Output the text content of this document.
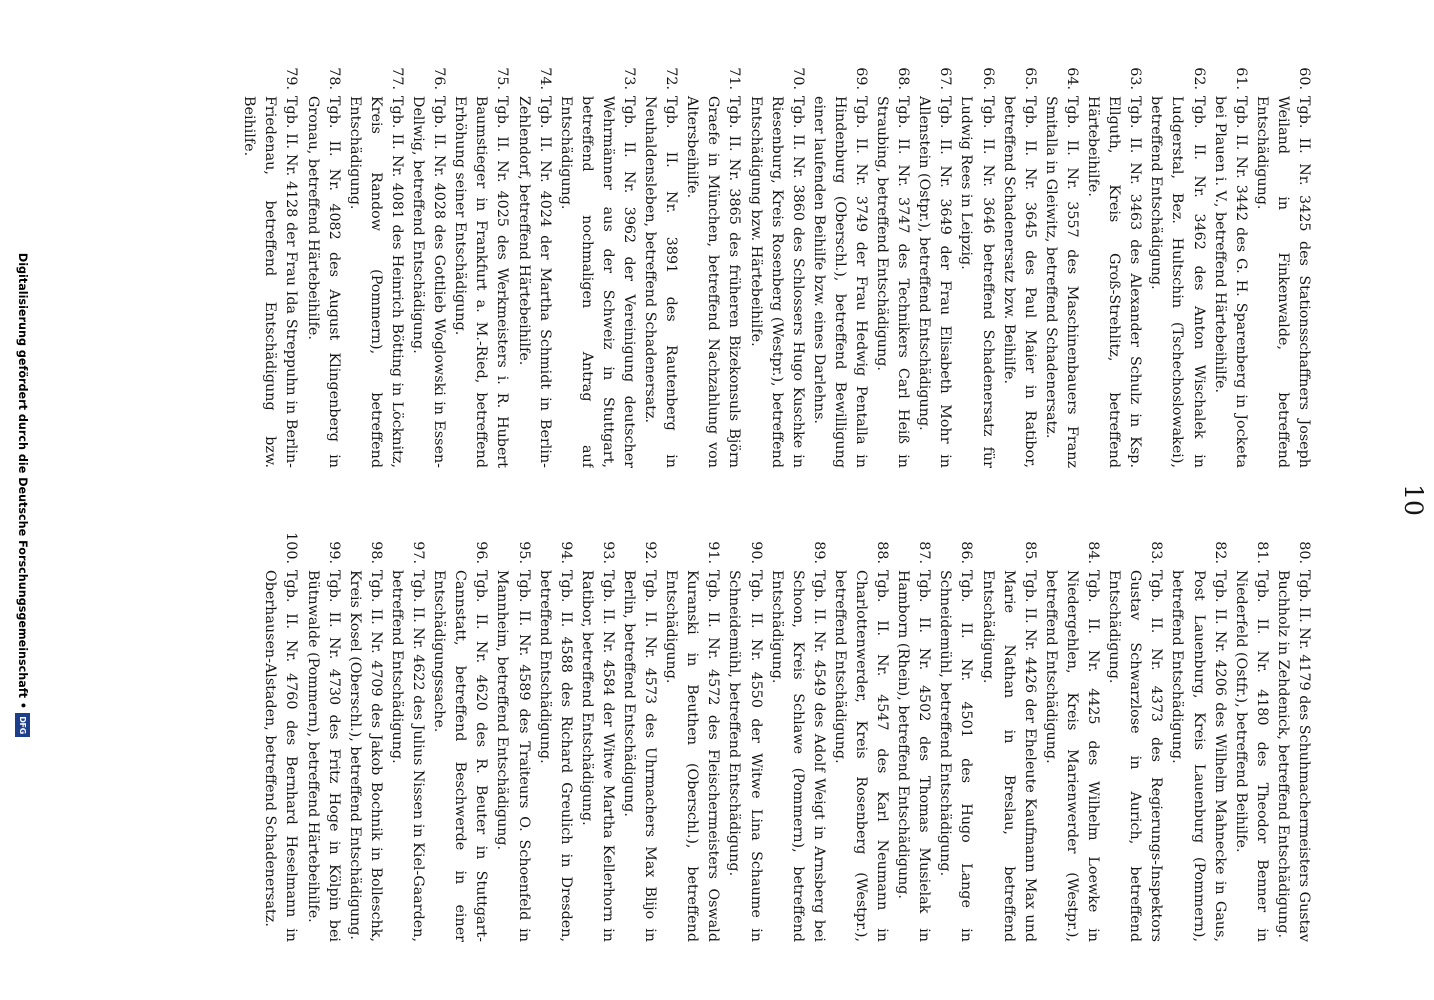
10
60.
Tgb. II. Nr. 3425 des Stationsschaffners Joseph Weiland in Finkenwalde, betreffend Entschädigung.
61.
Tgb. II. Nr. 3442 des G. H. Sparenberg in Jocketa bei Plauen i. V., betreffend Härtebeihilfe.
62.
Tgb. II. Nr. 3462 des Anton Wischalek in Ludgerstal, Bez. Hultschin (Tschechoslowakei), betreffend Entschädigung.
63.
Tgb. II. Nr. 3463 des Alexander Schulz in Ksp. Ellguth, Kreis Groß-Strehlitz, betreffend Härtebeihilfe.
64.
Tgb. II. Nr. 3557 des Maschinenbauers Franz Smitalla in Gleiwitz, betreffend Schadenersatz.
65.
Tgb. II. Nr. 3645 des Paul Maier in Ratibor, betreffend Schadenersatz bzw. Beihilfe.
66.
Tgb. II. Nr. 3646 betreffend Schadenersatz für Ludwig Rees in Leipzig.
67.
Tgb. II. Nr. 3649 der Frau Elisabeth Mohr in Allenstein (Ostpr.), betreffend Entschädigung.
68.
Tgb. II. Nr. 3747 des Technikers Carl Heiß in Straubing, betreffend Entschädigung.
69.
Tgb. II. Nr. 3749 der Frau Hedwig Pentalla in Hindenburg (Oberschl.), betreffend Bewilligung einer laufenden Beihilfe bzw. eines Darlehns.
70.
Tgb. II. Nr. 3860 des Schlossers Hugo Kuschke in Riesenburg, Kreis Rosenberg (Westpr.), betreffend Entschädigung bzw. Härtebeihilfe.
71.
Tgb. II. Nr. 3865 des früheren Bizekonsuls Björn Graefe in München, betreffend Nachzahlung von Altersbeihilfe.
72.
Tgb. II. Nr. 3891 des Rautenberg in Neuhaldensleben, betreffend Schadenersatz.
73.
Tgb. II. Nr. 3962 der Vereinigung deutscher Wehrmänner aus der Schweiz in Stuttgart, betreffend nochmaligen Antrag auf Entschädigung.
74.
Tgb. II. Nr. 4024 der Martha Schmidt in Berlin-Zehlendorf, betreffend Härtebeihilfe.
75.
Tgb. II. Nr. 4025 des Werkmeisters i. R. Hubert Baumstieger in Frankfurt a. M.-Ried, betreffend Erhöhung seiner Entschädigung.
76.
Tgb. II. Nr. 4028 des Gottlieb Woglowski in Essen-Dellwig, betreffend Entschädigung.
77.
Tgb. II. Nr. 4081 des Heinrich Bötting in Löcknitz, Kreis Randow (Pommern), betreffend Entschädigung.
78.
Tgb. II. Nr. 4082 des August Klingenberg in Gronau, betreffend Härtebeihilfe.
79.
Tgb. II. Nr. 4128 der Frau Ida Streppuhn in Berlin-Friedenau, betreffend Entschädigung bzw. Beihilfe.
80.
Tgb. II. Nr. 4179 des Schuhmachermeisters Gustav Buchholz in Zehdenick, betreffend Entschädigung.
81.
Tgb. II. Nr. 4180 des Theodor Benner in Niederfeld (Ostfr.), betreffend Beihilfe.
82.
Tgb. II. Nr. 4206 des Wilhelm Mahnecke in Gaus, Post Lauenburg, Kreis Lauenburg (Pommern), betreffend Entschädigung.
83.
Tgb. II. Nr. 4373 des Regierungs-Inspektors Gustav Schwarzlose in Aurich, betreffend Entschädigung.
84.
Tgb. II. Nr. 4425 des Wilhelm Loewke in Niedergehlen, Kreis Marienwerder (Westpr.), betreffend Entschädigung.
85.
Tgb. II. Nr. 4426 der Eheleute Kaufmann Max und Marie Nathan in Breslau, betreffend Entschädigung.
86.
Tgb. II. Nr. 4501 des Hugo Lange in Schneidemühl, betreffend Entschädigung.
87.
Tgb. II. Nr. 4502 des Thomas Musielak in Hamborn (Rhein), betreffend Entschädigung.
88.
Tgb. II. Nr. 4547 des Karl Neumann in Charlottenwerder, Kreis Rosenberg (Westpr.), betreffend Entschädigung.
89.
Tgb. II. Nr. 4549 des Adolf Weigt in Arnsberg bei Schoon, Kreis Schlawe (Pommern), betreffend Entschädigung.
90.
Tgb. II. Nr. 4550 der Witwe Lina Schaume in Schneidemühl, betreffend Entschädigung.
91.
Tgb. II. Nr. 4572 des Fleischermeisters Oswald Kuranski in Beuthen (Oberschl.), betreffend Entschädigung.
92.
Tgb. II. Nr. 4573 des Uhrmachers Max Blijo in Berlin, betreffend Entschädigung.
93.
Tgb. II. Nr. 4584 der Witwe Martha Kellerhorn in Ratibor, betreffend Entschädigung.
94.
Tgb. II. 4588 des Richard Greulich in Dresden, betreffend Entschädigung.
95.
Tgb. II. Nr. 4589 des Traiteurs O. Schoenfeld in Mannheim, betreffend Entschädigung.
96.
Tgb. II. Nr. 4620 des R. Beuter in Stuttgart-Cannstatt, betreffend Beschwerde in einer Entschädigungssache.
97.
Tgb. II. Nr. 4622 des Julius Nissen in Kiel-Gaarden, betreffend Entschädigung.
98.
Tgb. II. Nr. 4709 des Jakob Bochnik in Bolleschk, Kreis Kosel (Oberschl.), betreffend Entschädigung.
99.
Tgb. II. Nr. 4730 des Fritz Hoge in Kölpin bei Bütnwalde (Pommern), betreffend Härtebeihilfe.
100.
Tgb. II. Nr. 4760 des Bernhard Heselmann in Oberhausen-Alstaden, betreffend Schadenersatz.
Digitalisierung gefördert durch die Deutsche Forschungsgemeinschaft •
DFG
